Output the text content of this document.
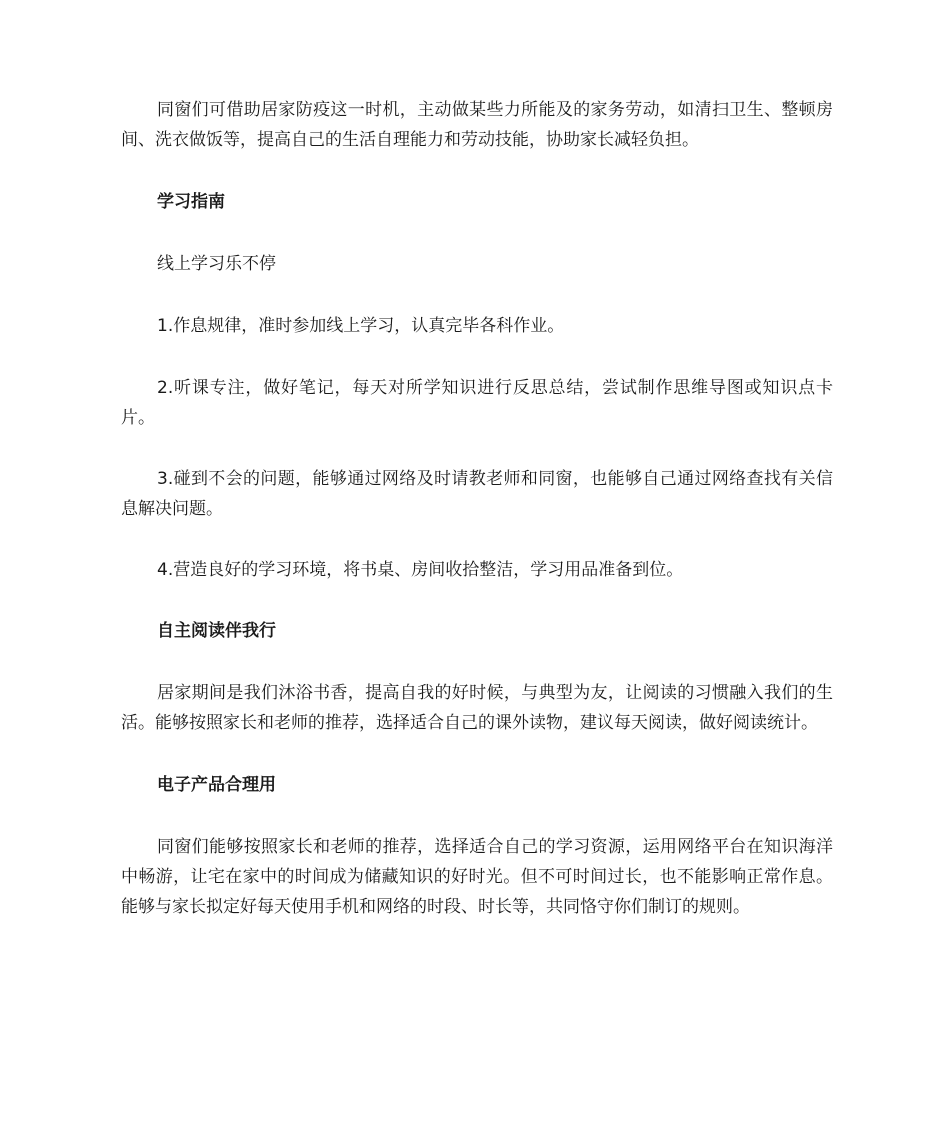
同窗们可借助居家防疫这一时机，主动做某些力所能及的家务劳动，如清扫卫生、整顿房间、洗衣做饭等，提高自己的生活自理能力和劳动技能，协助家长减轻负担。

学习指南

线上学习乐不停

1.作息规律，准时参加线上学习，认真完毕各科作业。

2.听课专注，做好笔记，每天对所学知识进行反思总结，尝试制作思维导图或知识点卡片。

3.碰到不会的问题，能够通过网络及时请教老师和同窗，也能够自己通过网络查找有关信息解决问题。

4.营造良好的学习环境，将书桌、房间收拾整洁，学习用品准备到位。

自主阅读伴我行

居家期间是我们沐浴书香，提高自我的好时候，与典型为友，让阅读的习惯融入我们的生活。能够按照家长和老师的推荐，选择适合自己的课外读物，建议每天阅读，做好阅读统计。

电子产品合理用

同窗们能够按照家长和老师的推荐，选择适合自己的学习资源，运用网络平台在知识海洋中畅游，让宅在家中的时间成为储藏知识的好时光。但不可时间过长，也不能影响正常作息。能够与家长拟定好每天使用手机和网络的时段、时长等，共同恪守你们制订的规则。
